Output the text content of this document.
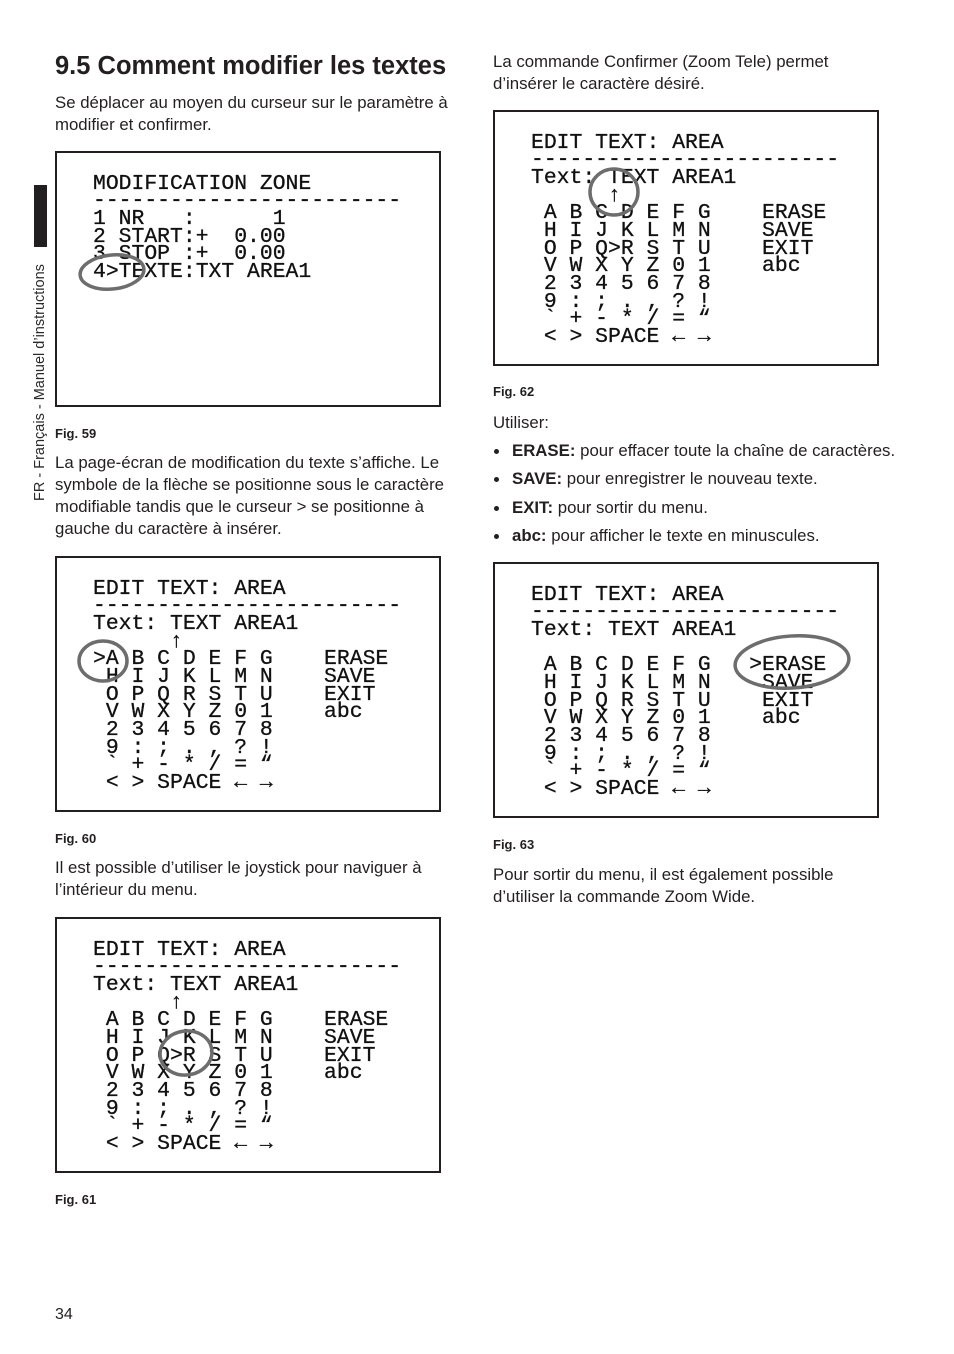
FR - Français - Manuel d’instructions
9.5 Comment modifier les textes

Se déplacer au moyen du curseur sur le paramètre à modifier et confirmer.

MODIFICATION ZONE
------------------------
1 NR   :      1
2 START:+  0.00
3 STOP :+  0.00
4>TEXTE:TXT AREA1
Fig. 59

La page-écran de modification du texte s’affiche. Le symbole de la flèche se positionne sous le caractère modifiable tandis que le curseur > se positionne à gauche du caractère à insérer.

EDIT TEXT: AREA
------------------------
Text: TEXT AREA1
↑
>A B C D E F G    ERASE
H I J K L M N    SAVE
O P Q R S T U    EXIT
V W X Y Z 0 1    abc
2 3 4 5 6 7 8
9 : ; . , ? !
` + - * / = “
< > SPACE ← →
Fig. 60

Il est possible d’utiliser le joystick pour naviguer à l’intérieur du menu.

EDIT TEXT: AREA
------------------------
Text: TEXT AREA1
↑
A B C D E F G    ERASE
H I J K L M N    SAVE
O P Q>R S T U    EXIT
V W X Y Z 0 1    abc
2 3 4 5 6 7 8
9 : ; . , ? !
` + - * / = “
< > SPACE ← →
Fig. 61
34

La commande Confirmer (Zoom Tele) permet d’insérer le caractère désiré.

EDIT TEXT: AREA
------------------------
Text: TEXT AREA1
↑
A B C D E F G    ERASE
H I J K L M N    SAVE
O P Q>R S T U    EXIT
V W X Y Z 0 1    abc
2 3 4 5 6 7 8
9 : ; . , ? !
` + - * / = “
< > SPACE ← →
Fig. 62
Utiliser:
ERASE: pour effacer toute la chaîne de caractères.
SAVE: pour enregistrer le nouveau texte.
EXIT: pour sortir du menu.
abc: pour afficher le texte en minuscules.
EDIT TEXT: AREA
------------------------
Text: TEXT AREA1
A B C D E F G   >ERASE
H I J K L M N    SAVE
O P Q R S T U    EXIT
V W X Y Z 0 1    abc
2 3 4 5 6 7 8
9 : ; . , ? !
` + - * / = “
< > SPACE ← →
Fig. 63

Pour sortir du menu, il est également possible d’utiliser la commande Zoom Wide.
